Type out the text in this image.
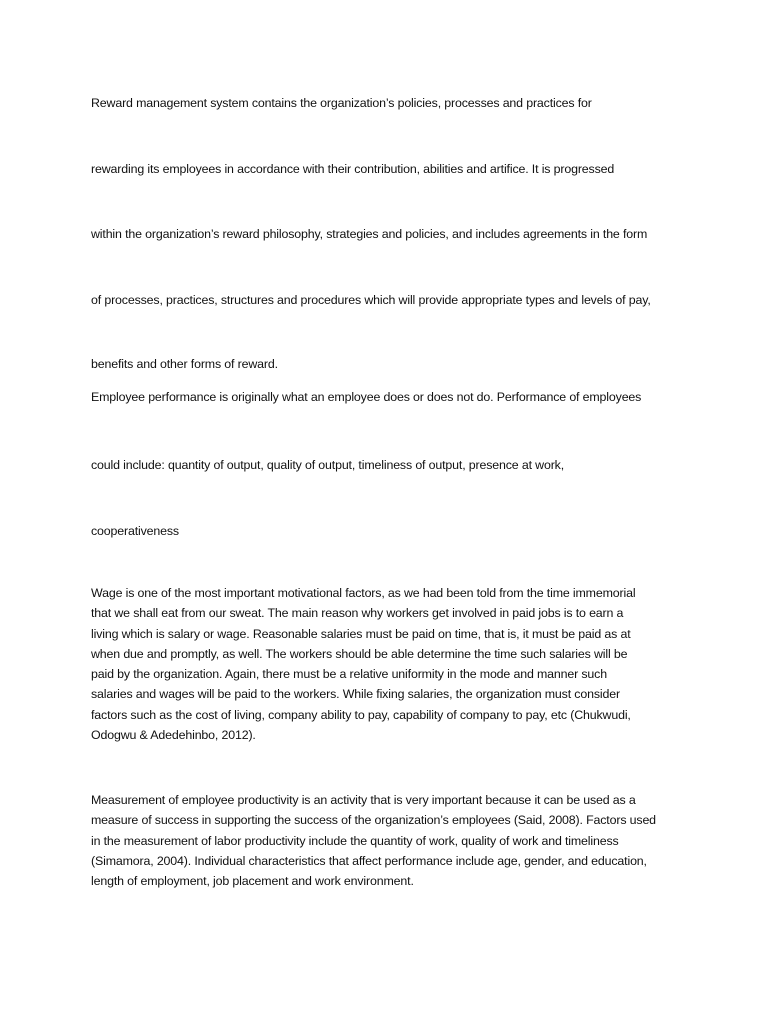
Reward management system contains the organization’s policies, processes and practices for
rewarding its employees in accordance with their contribution, abilities and artifice. It is progressed
within the organization’s reward philosophy, strategies and policies, and includes agreements in the form
of processes, practices, structures and procedures which will provide appropriate types and levels of pay,
benefits and other forms of reward.
Employee performance is originally what an employee does or does not do. Performance of employees
could include: quantity of output, quality of output, timeliness of output, presence at work,
cooperativeness
Wage is one of the most important motivational factors, as we had been told from the time immemorial
that we shall eat from our sweat. The main reason why workers get involved in paid jobs is to earn a
living which is salary or wage. Reasonable salaries must be paid on time, that is, it must be paid as at
when due and promptly, as well. The workers should be able determine the time such salaries will be
paid by the organization. Again, there must be a relative uniformity in the mode and manner such
salaries and wages will be paid to the workers. While fixing salaries, the organization must consider
factors such as the cost of living, company ability to pay, capability of company to pay, etc (Chukwudi,
Odogwu & Adedehinbo, 2012).
Measurement of employee productivity is an activity that is very important because it can be used as a
measure of success in supporting the success of the organization’s employees (Said, 2008). Factors used
in the measurement of labor productivity include the quantity of work, quality of work and timeliness
(Simamora, 2004). Individual characteristics that affect performance include age, gender, and education,
length of employment, job placement and work environment.
